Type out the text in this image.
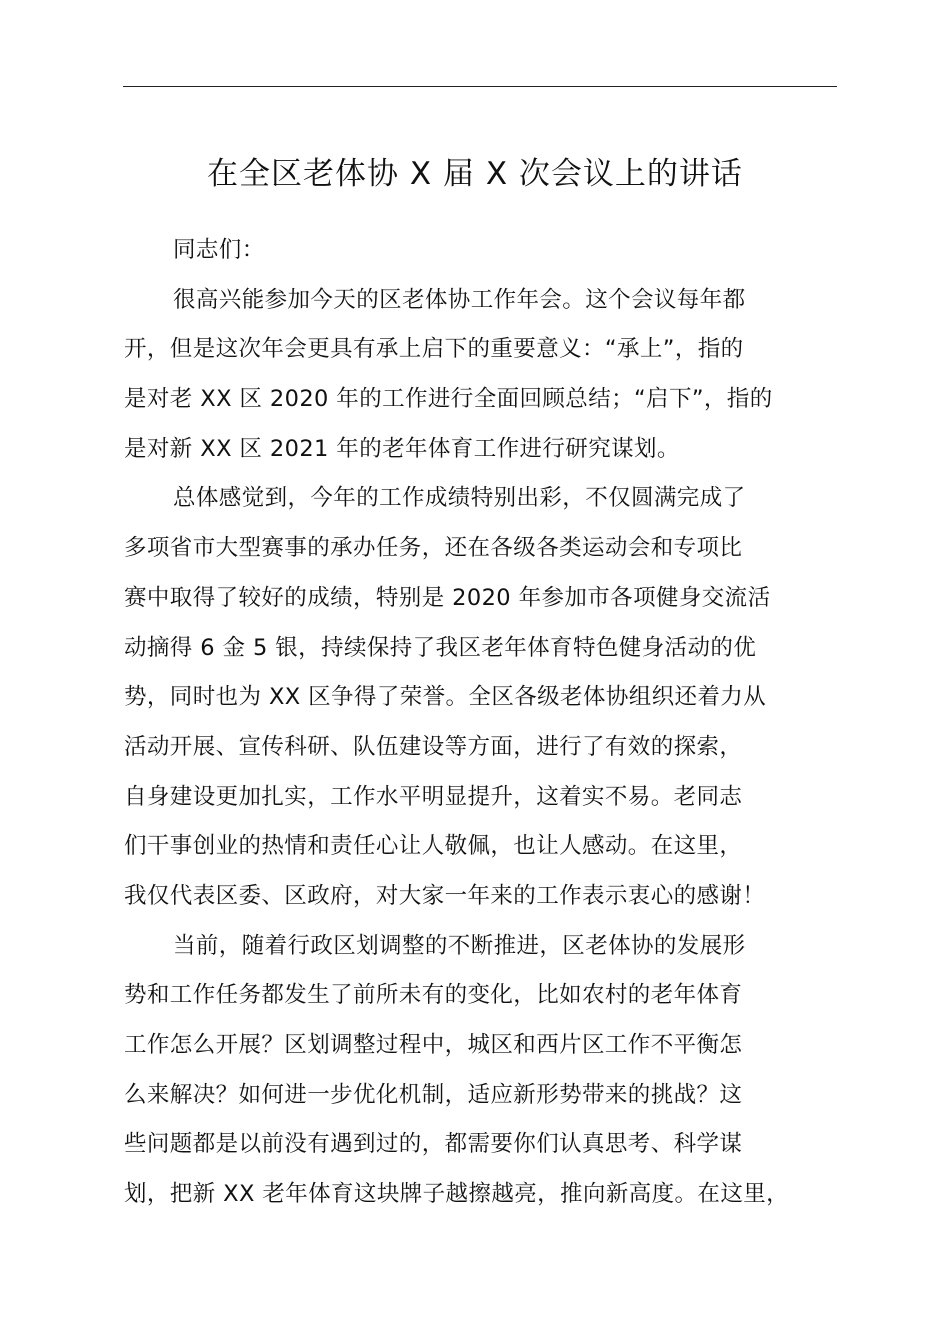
在全区老体协 X 届 X 次会议上的讲话
同志们：
很高兴能参加今天的区老体协工作年会。这个会议每年都
开，但是这次年会更具有承上启下的重要意义：“承上”，指的
是对老 XX 区 2020 年的工作进行全面回顾总结；“启下”，指的
是对新 XX 区 2021 年的老年体育工作进行研究谋划。
总体感觉到，今年的工作成绩特别出彩，不仅圆满完成了
多项省市大型赛事的承办任务，还在各级各类运动会和专项比
赛中取得了较好的成绩，特别是 2020 年参加市各项健身交流活
动摘得 6 金 5 银，持续保持了我区老年体育特色健身活动的优
势，同时也为 XX 区争得了荣誉。全区各级老体协组织还着力从
活动开展、宣传科研、队伍建设等方面，进行了有效的探索，
自身建设更加扎实，工作水平明显提升，这着实不易。老同志
们干事创业的热情和责任心让人敬佩，也让人感动。在这里，
我仅代表区委、区政府，对大家一年来的工作表示衷心的感谢！
当前，随着行政区划调整的不断推进，区老体协的发展形
势和工作任务都发生了前所未有的变化，比如农村的老年体育
工作怎么开展？区划调整过程中，城区和西片区工作不平衡怎
么来解决？如何进一步优化机制，适应新形势带来的挑战？这
些问题都是以前没有遇到过的，都需要你们认真思考、科学谋
划，把新 XX 老年体育这块牌子越擦越亮，推向新高度。在这里，
